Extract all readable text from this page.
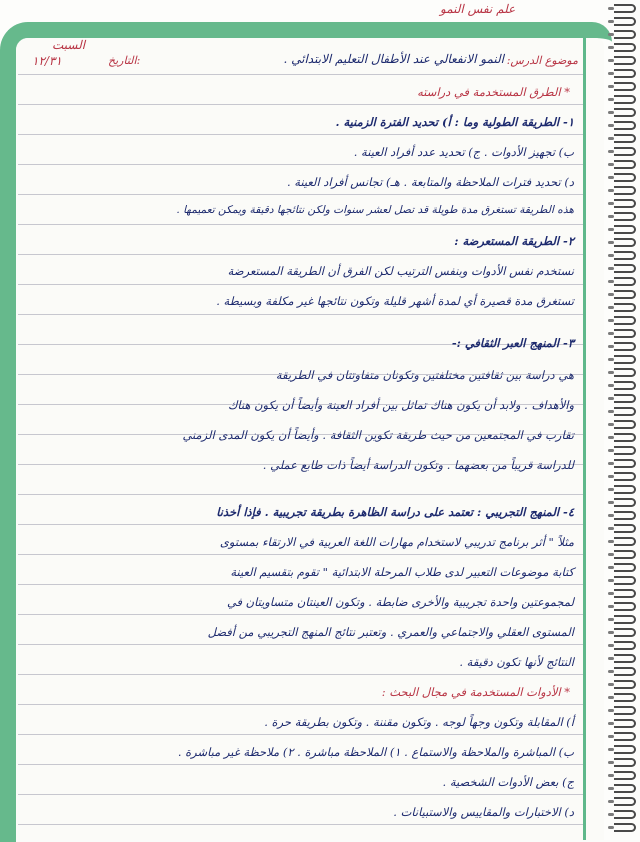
علم نفس النمو
السبت
١٢/٣١	التاريخ:	النمو الانفعالي عند الأطفال التعليم الابتدائي . موضوع الدرس:
* الطرق المستخدمة في دراسته
١- الطريقة الطولية وما : أ) تحديد الفترة الزمنية .
ب) تجهيز الأدوات . ج) تحديد عدد أفراد العينة .
د) تحديد فترات الملاحظة والمتابعة . هـ) تجانس أفراد العينة .
هذه الطريقة تستغرق مدة طويلة قد تصل لعشر سنوات ولكن نتائجها دقيقة ويمكن تعميمها .
٢- الطريقة المستعرضة :
نستخدم نفس الأدوات وبنفس الترتيب لكن الفرق أن الطريقة المستعرضة
تستغرق مدة قصيرة أي لمدة أشهر قليلة وتكون نتائجها غير مكلفة وبسيطة .
٣- المنهج العبر الثقافي :-
هي دراسة بين ثقافتين مختلفتين وتكونان متفاوتتان في الطريقة
والأهداف . ولابد أن يكون هناك تماثل بين أفراد العينة وأيضاً أن يكون هناك
تقارب في المجتمعين من حيث طريقة تكوين الثقافة . وأيضاً أن يكون المدى الزمني
للدراسة قريباً من بعضهما . وتكون الدراسة أيضاً ذات طابع عملي .
٤- المنهج التجريبي : تعتمد على دراسة الظاهرة بطريقة تجريبية . فإذا أخذنا
مثلاً " أثر برنامج تدريبي لاستخدام مهارات اللغة العربية في الارتقاء بمستوى
كتابة موضوعات التعبير لدى طلاب المرحلة الابتدائية " تقوم بتقسيم العينة
لمجموعتين واحدة تجريبية والأخرى ضابطة . وتكون العينتان متساويتان في
المستوى العقلي والاجتماعي والعمري . وتعتبر نتائج المنهج التجريبي من أفضل
النتائج لأنها تكون دقيقة .
* الأدوات المستخدمة في مجال البحث :
أ) المقابلة وتكون وجهاً لوجه . وتكون مقننة . وتكون بطريقة حرة .
ب) المباشرة والملاحظة والاستماع . ١) الملاحظة مباشرة . ٢) ملاحظة غير مباشرة .
ج) بعض الأدوات الشخصية .
د) الاختبارات والمقاييس والاستبيانات .
